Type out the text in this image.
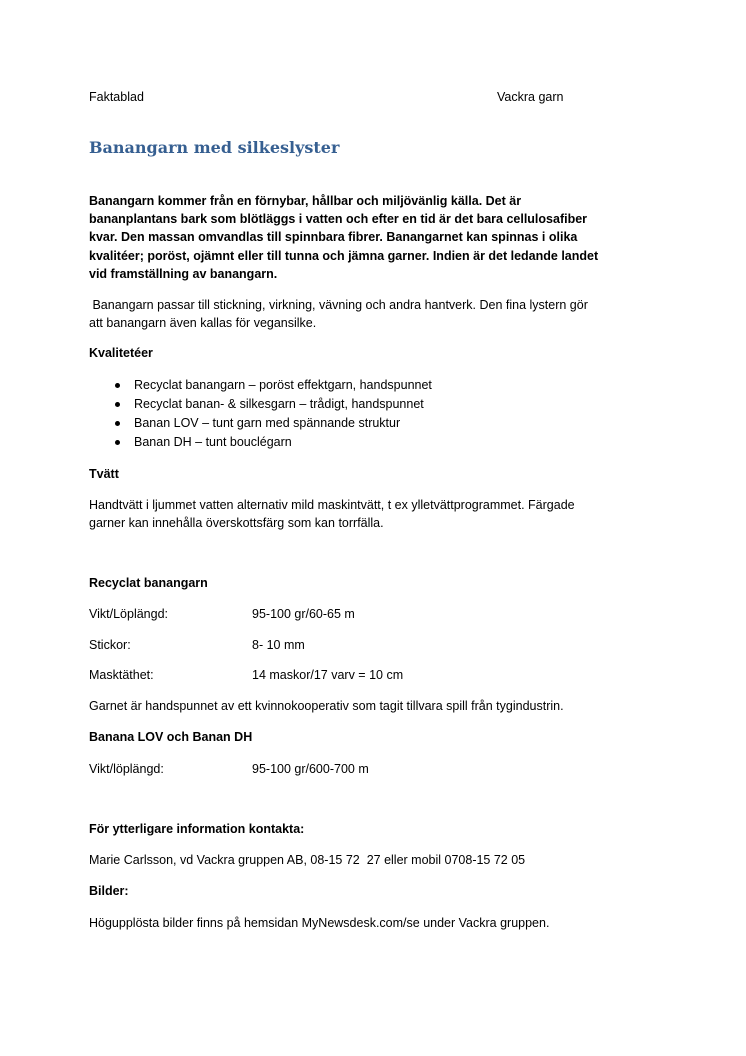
Faktablad	Vackra garn
Banangarn med silkeslyster
Banangarn kommer från en förnybar, hållbar och miljövänlig källa. Det är
bananplantans bark som blötläggs i vatten och efter en tid är det bara cellulosafiber
kvar. Den massan omvandlas till spinnbara fibrer. Banangarnet kan spinnas i olika
kvalitéer; poröst, ojämnt eller till tunna och jämna garner. Indien är det ledande landet
vid framställning av banangarn.
Banangarn passar till stickning, virkning, vävning och andra hantverk. Den fina lystern gör
att banangarn även kallas för vegansilke.
Kvalitetéer
Recyclat banangarn – poröst effektgarn, handspunnet
Recyclat banan- & silkesgarn – trådigt, handspunnet
Banan LOV – tunt garn med spännande struktur
Banan DH – tunt bouclégarn
Tvätt
Handtvätt i ljummet vatten alternativ mild maskintvätt, t ex ylletvättprogrammet. Färgade
garner kan innehålla överskottsfärg som kan torrfälla.
Recyclat banangarn
Vikt/Löplängd:	95-100 gr/60-65 m
Stickor:	8- 10 mm
Masktäthet:	14 maskor/17 varv = 10 cm
Garnet är handspunnet av ett kvinnokooperativ som tagit tillvara spill från tygindustrin.
Banana LOV och Banan DH
Vikt/löplängd:	95-100 gr/600-700 m
För ytterligare information kontakta:
Marie Carlsson, vd Vackra gruppen AB, 08-15 72  27 eller mobil 0708-15 72 05
Bilder:
Högupplösta bilder finns på hemsidan MyNewsdesk.com/se under Vackra gruppen.
